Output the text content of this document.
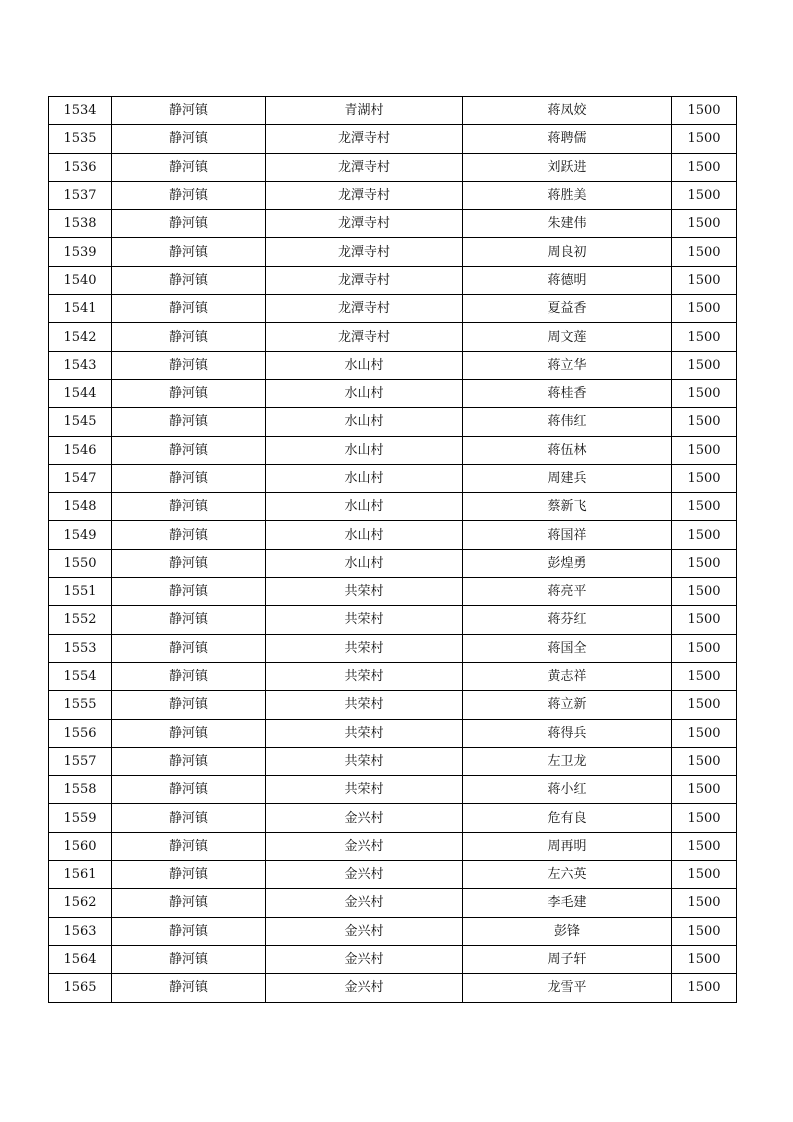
1534	静河镇	青湖村	蒋凤姣	1500
1535	静河镇	龙潭寺村	蒋聘儒	1500
1536	静河镇	龙潭寺村	刘跃进	1500
1537	静河镇	龙潭寺村	蒋胜美	1500
1538	静河镇	龙潭寺村	朱建伟	1500
1539	静河镇	龙潭寺村	周良初	1500
1540	静河镇	龙潭寺村	蒋德明	1500
1541	静河镇	龙潭寺村	夏益香	1500
1542	静河镇	龙潭寺村	周文莲	1500
1543	静河镇	水山村	蒋立华	1500
1544	静河镇	水山村	蒋桂香	1500
1545	静河镇	水山村	蒋伟红	1500
1546	静河镇	水山村	蒋伍林	1500
1547	静河镇	水山村	周建兵	1500
1548	静河镇	水山村	蔡新飞	1500
1549	静河镇	水山村	蒋国祥	1500
1550	静河镇	水山村	彭煌勇	1500
1551	静河镇	共荣村	蒋亮平	1500
1552	静河镇	共荣村	蒋芬红	1500
1553	静河镇	共荣村	蒋国全	1500
1554	静河镇	共荣村	黄志祥	1500
1555	静河镇	共荣村	蒋立新	1500
1556	静河镇	共荣村	蒋得兵	1500
1557	静河镇	共荣村	左卫龙	1500
1558	静河镇	共荣村	蒋小红	1500
1559	静河镇	金兴村	危有良	1500
1560	静河镇	金兴村	周再明	1500
1561	静河镇	金兴村	左六英	1500
1562	静河镇	金兴村	李毛建	1500
1563	静河镇	金兴村	彭锋	1500
1564	静河镇	金兴村	周子轩	1500
1565	静河镇	金兴村	龙雪平	1500
